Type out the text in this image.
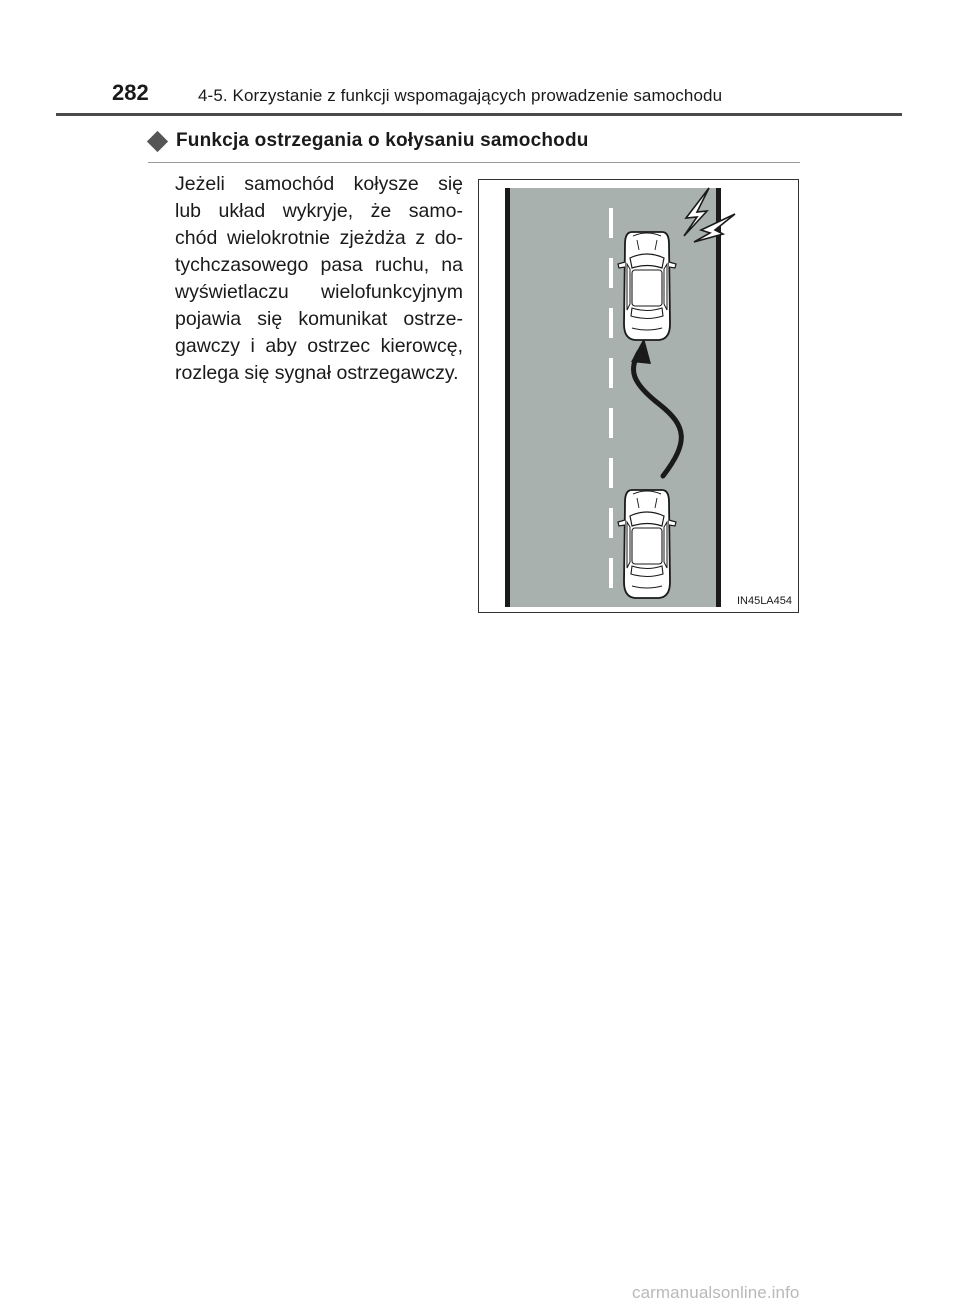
282	4-5. Korzystanie z funkcji wspomagających prowadzenie samochodu
Funkcja ostrzegania o kołysaniu samochodu
Jeżeli samochód kołysze się
lub układ wykryje, że samo-
chód wielokrotnie zjeżdża z do-
tychczasowego pasa ruchu, na
wyświetlaczu wielofunkcyjnym
pojawia się komunikat ostrze-
gawczy i aby ostrzec kierowcę,
rozlega się sygnał ostrzegawczy.
IN45LA454
carmanualsonline.info
